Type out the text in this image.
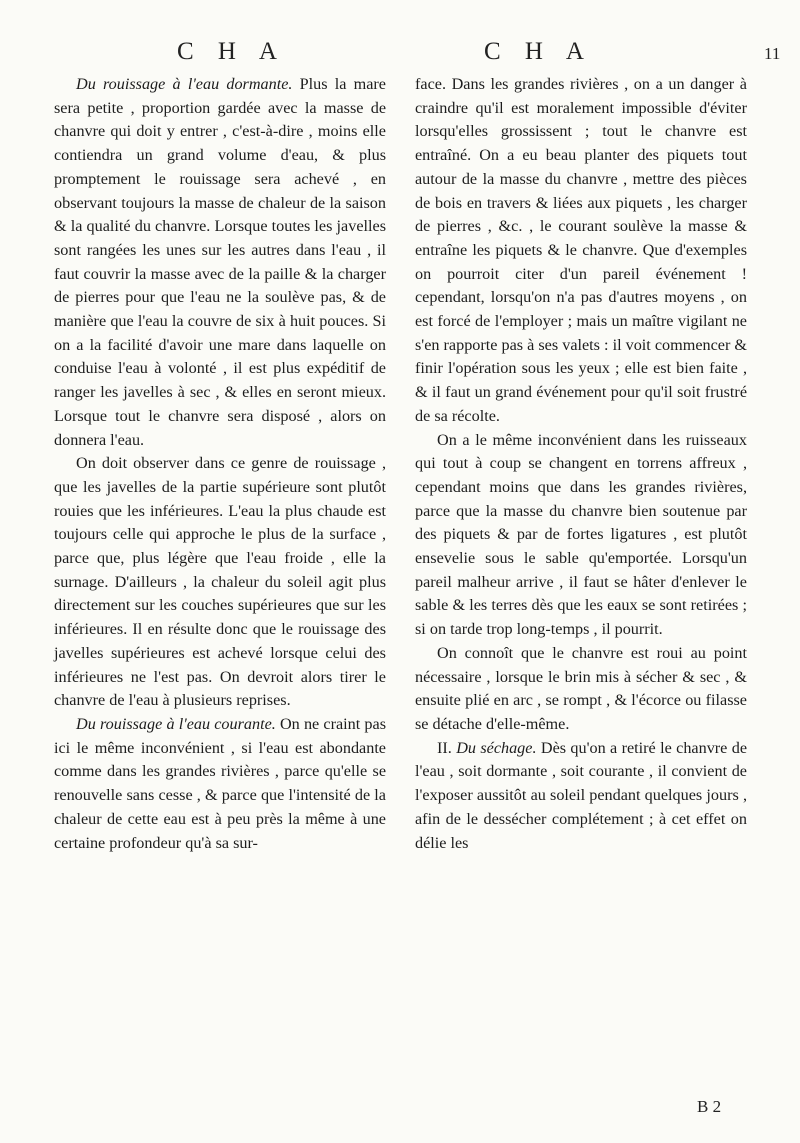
C H A	C H A	11

Du rouissage à l'eau dormante. Plus la mare sera petite , proportion gardée avec la masse de chanvre qui doit y entrer , c'est-à-dire , moins elle contiendra un grand volume d'eau, & plus promptement le rouissage sera achevé , en observant toujours la masse de chaleur de la saison & la qualité du chanvre. Lorsque toutes les javelles sont rangées les unes sur les autres dans l'eau , il faut couvrir la masse avec de la paille & la charger de pierres pour que l'eau ne la soulève pas, & de manière que l'eau la couvre de six à huit pouces. Si on a la facilité d'avoir une mare dans laquelle on conduise l'eau à volonté , il est plus expéditif de ranger les javelles à sec , & elles en seront mieux. Lorsque tout le chanvre sera disposé , alors on donnera l'eau.

On doit observer dans ce genre de rouissage , que les javelles de la partie supérieure sont plutôt rouies que les inférieures. L'eau la plus chaude est toujours celle qui approche le plus de la surface , parce que, plus légère que l'eau froide , elle la surnage. D'ailleurs , la chaleur du soleil agit plus directement sur les couches supérieures que sur les inférieures. Il en résulte donc que le rouissage des javelles supérieures est achevé lorsque celui des inférieures ne l'est pas. On devroit alors tirer le chanvre de l'eau à plusieurs reprises.

Du rouissage à l'eau courante. On ne craint pas ici le même inconvénient , si l'eau est abondante comme dans les grandes rivières , parce qu'elle se renouvelle sans cesse , & parce que l'intensité de la chaleur de cette eau est à peu près la même à une certaine profondeur qu'à sa sur-

face. Dans les grandes rivières , on a un danger à craindre qu'il est moralement impossible d'éviter lorsqu'elles grossissent ; tout le chanvre est entraîné. On a eu beau planter des piquets tout autour de la masse du chanvre , mettre des pièces de bois en travers & liées aux piquets , les charger de pierres , &c. , le courant soulève la masse & entraîne les piquets & le chanvre. Que d'exemples on pourroit citer d'un pareil événement ! cependant, lorsqu'on n'a pas d'autres moyens , on est forcé de l'employer ; mais un maître vigilant ne s'en rapporte pas à ses valets : il voit commencer & finir l'opération sous les yeux ; elle est bien faite , & il faut un grand événement pour qu'il soit frustré de sa récolte.

On a le même inconvénient dans les ruisseaux qui tout à coup se changent en torrens affreux , cependant moins que dans les grandes rivières, parce que la masse du chanvre bien soutenue par des piquets & par de fortes ligatures , est plutôt ensevelie sous le sable qu'emportée. Lorsqu'un pareil malheur arrive , il faut se hâter d'enlever le sable & les terres dès que les eaux se sont retirées ; si on tarde trop long-temps , il pourrit.

On connoît que le chanvre est roui au point nécessaire , lorsque le brin mis à sécher & sec , & ensuite plié en arc , se rompt , & l'écorce ou filasse se détache d'elle-même.

II. Du séchage. Dès qu'on a retiré le chanvre de l'eau , soit dormante , soit courante , il convient de l'exposer aussitôt au soleil pendant quelques jours , afin de le dessécher complétement ; à cet effet on délie les

B 2
